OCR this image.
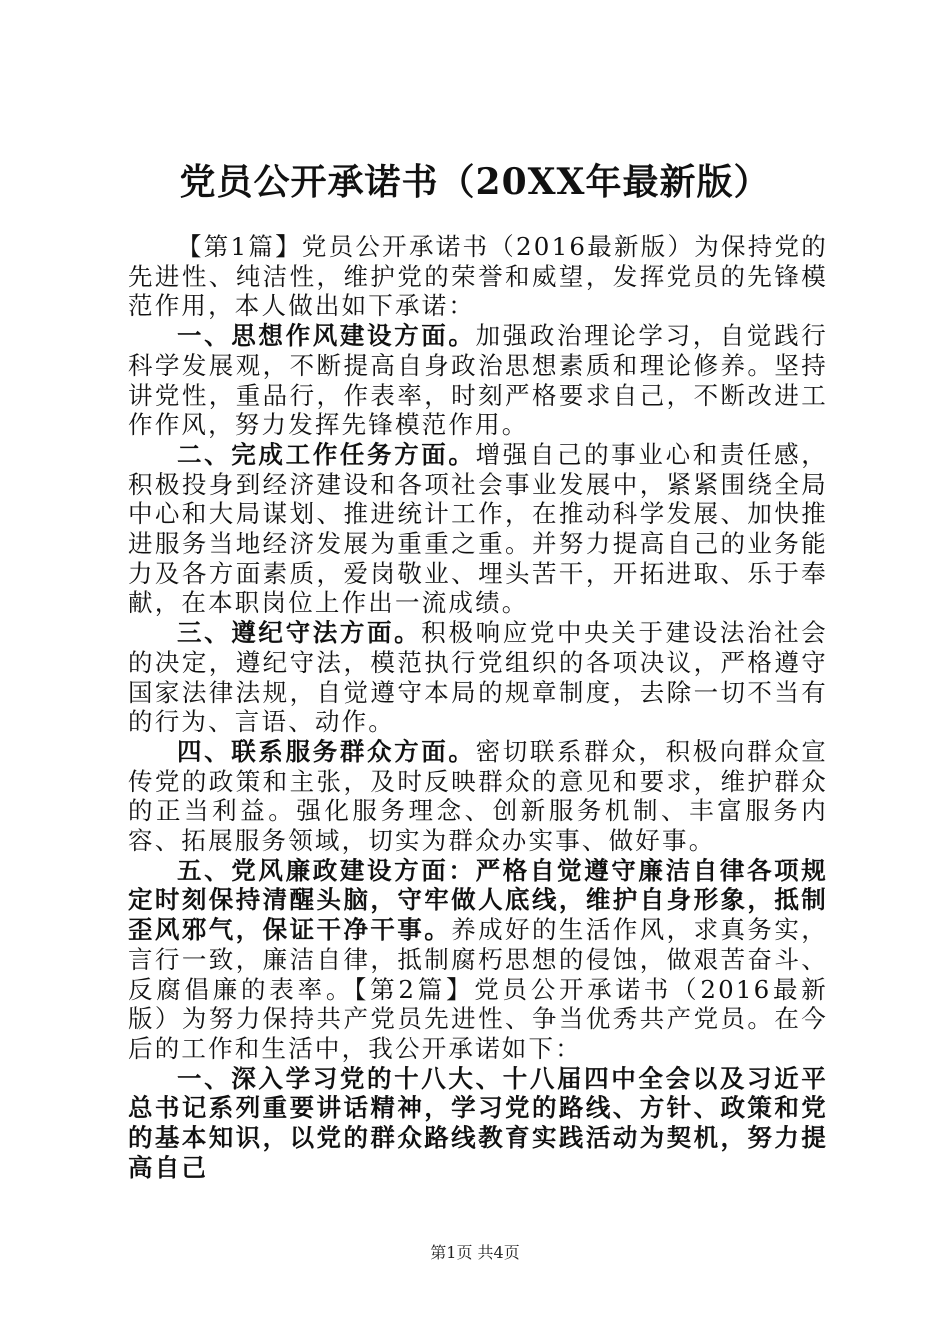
党员公开承诺书（20XX年最新版）

【第1篇】党员公开承诺书（2016最新版）为保持党的先进性、纯洁性，维护党的荣誉和威望，发挥党员的先锋模范作用，本人做出如下承诺：

一、思想作风建设方面。加强政治理论学习，自觉践行科学发展观，不断提高自身政治思想素质和理论修养。坚持讲党性，重品行，作表率，时刻严格要求自己，不断改进工作作风，努力发挥先锋模范作用。

二、完成工作任务方面。增强自己的事业心和责任感，积极投身到经济建设和各项社会事业发展中，紧紧围绕全局中心和大局谋划、推进统计工作，在推动科学发展、加快推进服务当地经济发展为重重之重。并努力提高自己的业务能力及各方面素质，爱岗敬业、埋头苦干，开拓进取、乐于奉献，在本职岗位上作出一流成绩。

三、遵纪守法方面。积极响应党中央关于建设法治社会的决定，遵纪守法，模范执行党组织的各项决议，严格遵守国家法律法规，自觉遵守本局的规章制度，去除一切不当有的行为、言语、动作。

四、联系服务群众方面。密切联系群众，积极向群众宣传党的政策和主张，及时反映群众的意见和要求，维护群众的正当利益。强化服务理念、创新服务机制、丰富服务内容、拓展服务领域，切实为群众办实事、做好事。

五、党风廉政建设方面：严格自觉遵守廉洁自律各项规定时刻保持清醒头脑，守牢做人底线，维护自身形象，抵制歪风邪气，保证干净干事。养成好的生活作风，求真务实，言行一致，廉洁自律，抵制腐朽思想的侵蚀，做艰苦奋斗、反腐倡廉的表率。【第2篇】党员公开承诺书（2016最新版）为努力保持共产党员先进性、争当优秀共产党员。在今后的工作和生活中，我公开承诺如下：

一、深入学习党的十八大、十八届四中全会以及习近平总书记系列重要讲话精神，学习党的路线、方针、政策和党的基本知识，以党的群众路线教育实践活动为契机，努力提高自己

第1页 共4页
